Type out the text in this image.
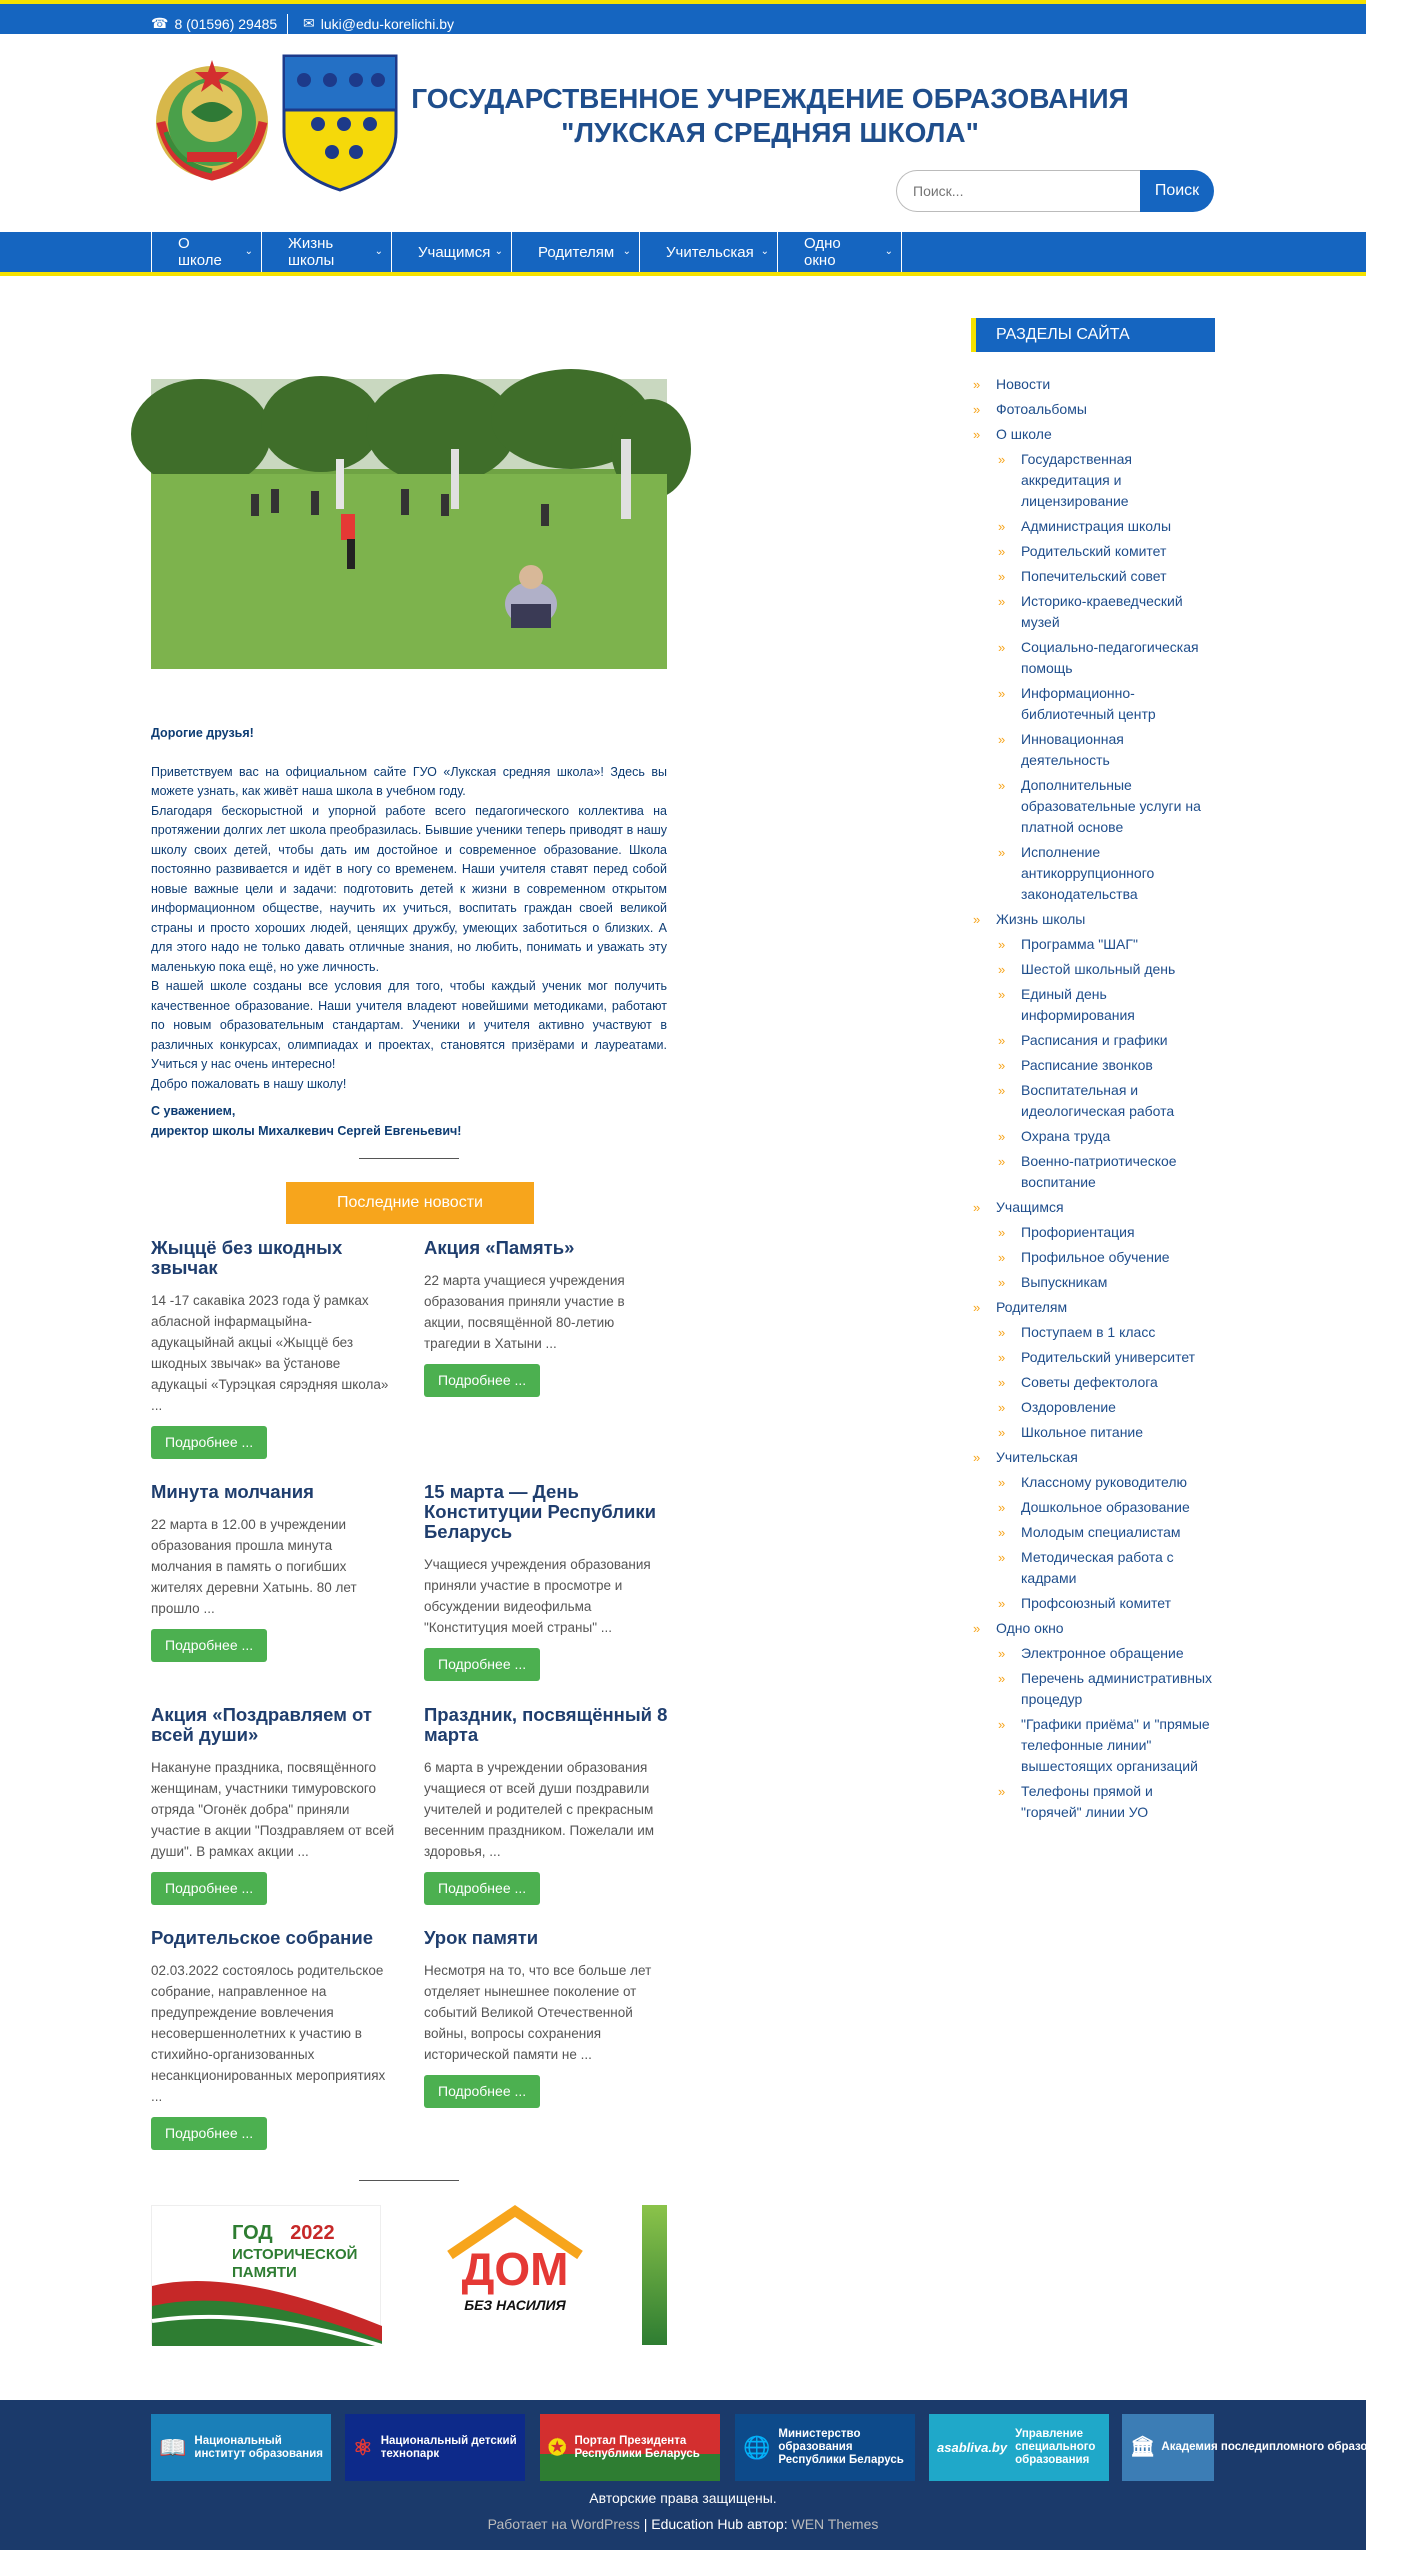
☎ 8 (01596) 29485 ✉ luki@edu-korelichi.by
ГОСУДАРСТВЕННОЕ УЧРЕЖДЕНИЕ ОБРАЗОВАНИЯ
"ЛУКСКАЯ СРЕДНЯЯ ШКОЛА"
Поиск...
Поиск
О школе
⌄ Жизнь школы
⌄ Учащимся ⌄ Родителям ⌄ Учительская ⌄ Одно окно
⌄

Дорогие друзья!

Приветствуем вас на официальном сайте ГУО «Лукская средняя школа»! Здесь вы можете узнать, как живёт наша школа в учебном году.

Благодаря бескорыстной и упорной работе всего педагогического коллектива на протяжении долгих лет школа преобразилась. Бывшие ученики теперь приводят в нашу школу своих детей, чтобы дать им достойное и современное образование. Школа постоянно развивается и идёт в ногу со временем. Наши учителя ставят перед собой новые важные цели и задачи: подготовить детей к жизни в современном открытом информационном обществе, научить их учиться, воспитать граждан своей великой страны и просто хороших людей, ценящих дружбу, умеющих заботиться о близких. А для этого надо не только давать отличные знания, но любить, понимать и уважать эту маленькую пока ещё, но уже личность.

В нашей школе созданы все условия для того, чтобы каждый ученик мог получить качественное образование. Наши учителя владеют новейшими методиками, работают по новым образовательным стандартам. Ученики и учителя активно участвуют в различных конкурсах, олимпиадах и проектах, становятся призёрами и лауреатами. Учиться у нас очень интересно!

Добро пожаловать в нашу школу!

С уважением,

директор школы Михалкевич Сергей Евгеньевич!

Последние новости
Жыццё без шкодных звычак

14 -17 сакавіка 2023 года ў рамках абласной інфармацыйна-адукацыйнай акцыі «Жыццё без шкодных звычак» ва ўстанове адукацыі «Турэцкая сярэдняя школа» ...

Подробнее ...
Акция «Память»

22 марта учащиеся учреждения образования приняли участие в акции, посвящённой 80-летию трагедии в Хатыни ...

Подробнее ...
Минута молчания

22 марта в 12.00 в учреждении образования прошла минута молчания в память о погибших жителях деревни Хатынь. 80 лет прошло ...

Подробнее ...
15 марта — День Конституции Республики Беларусь

Учащиеся учреждения образования приняли участие в просмотре и обсуждении видеофильма "Конституция моей страны" ...

Подробнее ...
Акция «Поздравляем от всей души»

Накануне праздника, посвящённого женщинам, участники тимуровского отряда "Огонёк добра" приняли участие в акции "Поздравляем от всей души". В рамках акции ...

Подробнее ...
Праздник, посвящённый 8 марта

6 марта в учреждении образования учащиеся от всей души поздравили учителей и родителей с прекрасным весенним праздником. Пожелали им здоровья, ...

Подробнее ...
Родительское собрание

02.03.2022 состоялось родительское собрание, направленное на предупреждение вовлечения несовершеннолетних к участию в стихийно-организованных несанкционированных мероприятиях ...

Подробнее ...
Урок памяти

Несмотря на то, что все больше лет отделяет нынешнее поколение от событий Великой Отечественной войны, вопросы сохранения исторической памяти не ...

Подробнее ...
ГОД 2022
ИСТОРИЧЕСКОЙ
ПАМЯТИ	ДОМ
БЕЗ НАСИЛИЯ
РАЗДЕЛЫ САЙТА
» Новости
» Фотоальбомы
» О школе
» Государственная аккредитация и лицензирование
» Администрация школы
» Родительский комитет
» Попечительский совет
» Историко-краеведческий музей
» Социально-педагогическая помощь
» Информационно-библиотечный центр
» Инновационная деятельность
» Дополнительные образовательные услуги на платной основе
» Исполнение антикоррупционного законодательства
» Жизнь школы
» Программа "ШАГ"
» Шестой школьный день
» Единый день информирования
» Расписания и графики
» Расписание звонков
» Воспитательная и идеологическая работа
» Охрана труда
» Военно-патриотическое воспитание
» Учащимся
» Профориентация
» Профильное обучение
» Выпускникам
» Родителям
» Поступаем в 1 класс
» Родительский университет
» Советы дефектолога
» Оздоровление
» Школьное питание
» Учительская
» Классному руководителю
» Дошкольное образование
» Молодым специалистам
» Методическая работа с кадрами
» Профсоюзный комитет
» Одно окно
» Электронное обращение
» Перечень административных процедур
» "Графики приёма" и "прямые телефонные линии" вышестоящих организаций
» Телефоны прямой и "горячей" линии УО
📖 Национальный институт образования	⚛ Национальный детский технопарк	✪ Портал Президента Республики Беларусь	🌐
Министерство образования Республики Беларусь
asabliva.by
Управление специального образования
🏛 Академия последипломного образования
Авторские права защищены.
Работает на WordPress | Education Hub автор: WEN Themes
